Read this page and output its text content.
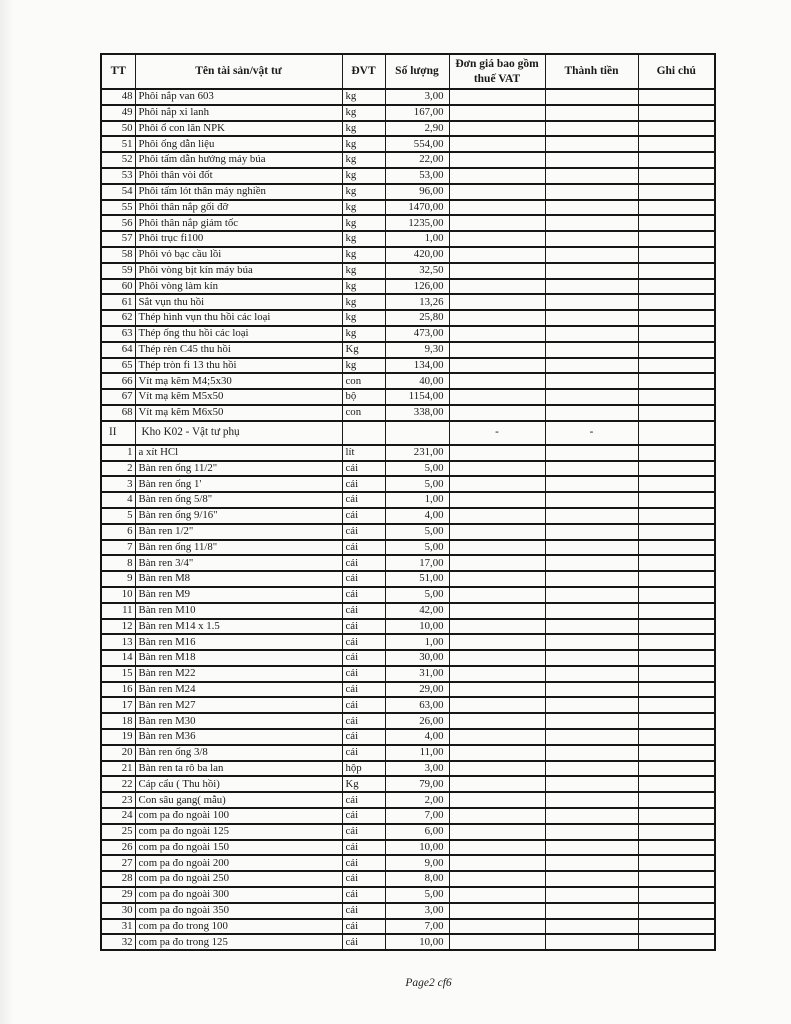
TT	Tên tài sản/vật tư	ĐVT	Số lượng	Đơn giá bao gồm thuế VAT	Thành tiền	Ghi chú
48	Phôi nắp van 603	kg	3,00			
49	Phôi nắp xi lanh	kg	167,00			
50	Phôi ổ con lăn NPK	kg	2,90			
51	Phôi ống dẫn liệu	kg	554,00			
52	Phôi tấm dẫn hướng máy búa	kg	22,00			
53	Phôi thân vòi đốt	kg	53,00			
54	Phôi tấm lót thân máy nghiền	kg	96,00			
55	Phôi thân nắp gối đỡ	kg	1470,00			
56	Phôi thân nắp giảm tốc	kg	1235,00			
57	Phôi trục fi100	kg	1,00			
58	Phôi vỏ bạc cầu lồi	kg	420,00			
59	Phôi vòng bịt kín máy búa	kg	32,50			
60	Phôi vòng làm kín	kg	126,00			
61	Sắt vụn thu hồi	kg	13,26			
62	Thép hình vụn thu hồi các loại	kg	25,80			
63	Thép ống thu hồi các loại	kg	473,00			
64	Thép rèn C45 thu hồi	Kg	9,30			
65	Thép tròn fi 13 thu hồi	kg	134,00			
66	Vít mạ kẽm M4;5x30	con	40,00			
67	Vít mạ kẽm M5x50	bộ	1154,00			
68	Vít mạ kẽm M6x50	con	338,00			
II	Kho K02 - Vật tư phụ			-	-	
1	a xít HCl	lít	231,00			
2	Bàn ren ống 11/2"	cái	5,00			
3	Bàn ren ống 1'	cái	5,00			
4	Bàn ren ống 5/8"	cái	1,00			
5	Bàn ren ống 9/16"	cái	4,00			
6	Bàn ren 1/2"	cái	5,00			
7	Bàn ren ống 11/8"	cái	5,00			
8	Bàn ren 3/4"	cái	17,00			
9	Bàn ren M8	cái	51,00			
10	Bàn ren M9	cái	5,00			
11	Bàn ren M10	cái	42,00			
12	Bàn ren M14 x 1.5	cái	10,00			
13	Bàn ren M16	cái	1,00			
14	Bàn ren M18	cái	30,00			
15	Bàn ren M22	cái	31,00			
16	Bàn ren M24	cái	29,00			
17	Bàn ren M27	cái	63,00			
18	Bàn ren M30	cái	26,00			
19	Bàn ren M36	cái	4,00			
20	Bàn ren ống 3/8	cái	11,00			
21	Bàn ren ta rô ba lan	hộp	3,00			
22	Cáp cẩu ( Thu hồi)	Kg	79,00			
23	Con sâu gang( mẫu)	cái	2,00			
24	com pa đo ngoài 100	cái	7,00			
25	com pa đo ngoài 125	cái	6,00			
26	com pa đo ngoài 150	cái	10,00			
27	com pa đo ngoài 200	cái	9,00			
28	com pa đo ngoài 250	cái	8,00			
29	com pa đo ngoài 300	cái	5,00			
30	com pa đo ngoài 350	cái	3,00			
31	com pa đo trong 100	cái	7,00			
32	com pa đo trong 125	cái	10,00			
Page2 cf6
